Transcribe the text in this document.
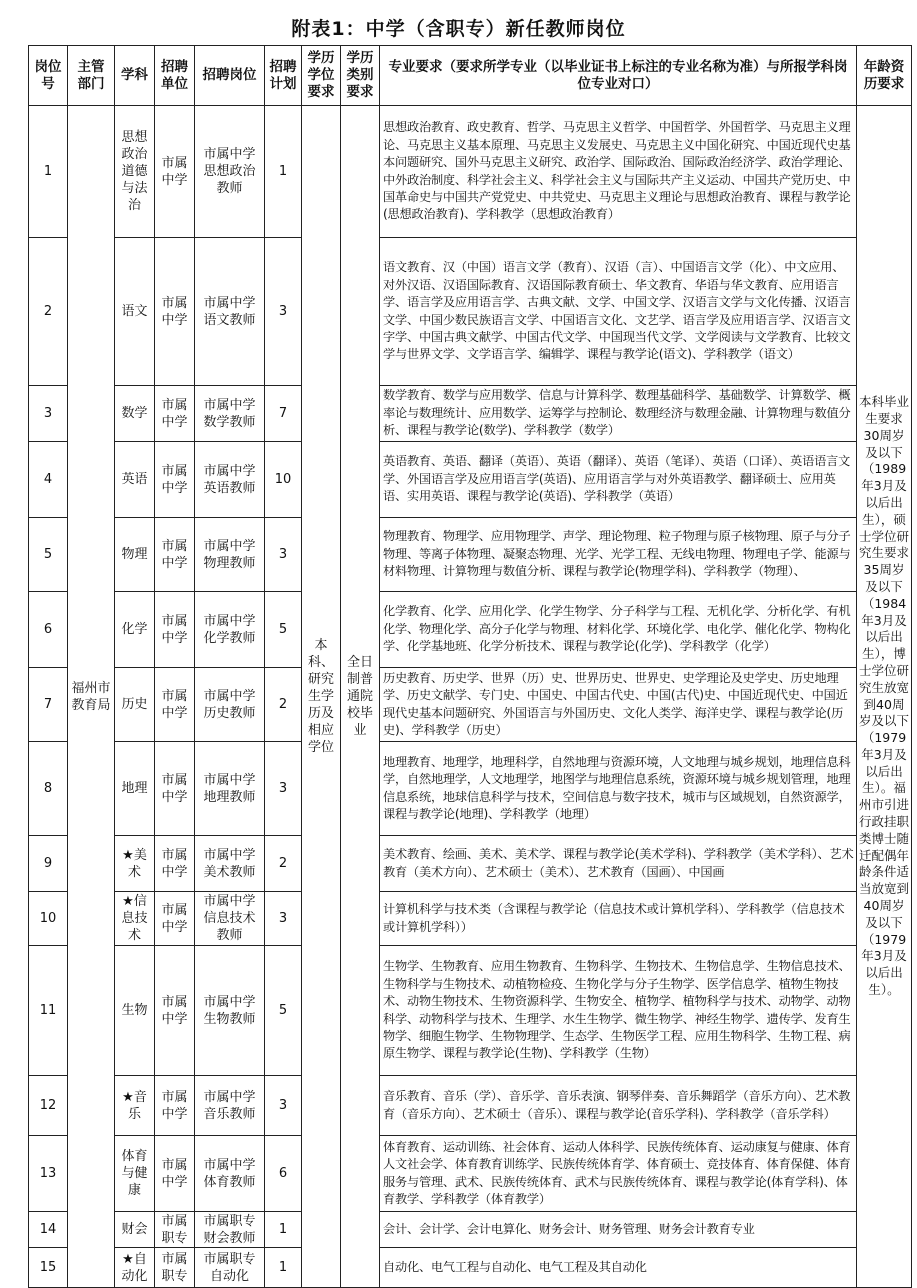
附表1：中学（含职专）新任教师岗位
岗位号	主管部门	学科	招聘单位	招聘岗位	招聘计划	学历学位要求	学历类别要求	专业要求（要求所学专业（以毕业证书上标注的专业名称为准）与所报学科岗位专业对口）	年龄资历要求
1	福州市教育局	思想政治道德与法治	市属中学	市属中学思想政治教师	1	本科、研究生学历及相应学位	全日制普通院校毕业	思想政治教育、政史教育、哲学、马克思主义哲学、中国哲学、外国哲学、马克思主义理论、马克思主义基本原理、马克思主义发展史、马克思主义中国化研究、中国近现代史基本问题研究、国外马克思主义研究、政治学、国际政治、国际政治经济学、政治学理论、中外政治制度、科学社会主义、科学社会主义与国际共产主义运动、中国共产党历史、中国革命史与中国共产党党史、中共党史、马克思主义理论与思想政治教育、课程与教学论(思想政治教育)、学科教学（思想政治教育）	本科毕业生要求30周岁及以下（1989年3月及以后出生），硕士学位研究生要求35周岁及以下（1984年3月及以后出生），博士学位研究生放宽到40周岁及以下（1979年3月及以后出生）。福州市引进行政挂职类博士随迁配偶年龄条件适当放宽到40周岁及以下（1979年3月及以后出生）。
2		语文	市属中学	市属中学语文教师	3			语文教育、汉（中国）语言文学（教育）、汉语（言）、中国语言文学（化）、中文应用、对外汉语、汉语国际教育、汉语国际教育硕士、华文教育、华语与华文教育、应用语言学、语言学及应用语言学、古典文献、文学、中国文学、汉语言文学与文化传播、汉语言文学、中国少数民族语言文学、中国语言文化、文艺学、语言学及应用语言学、汉语言文字学、中国古典文献学、中国古代文学、中国现当代文学、文学阅读与文学教育、比较文学与世界文学、文学语言学、编辑学、课程与教学论(语文)、学科教学（语文）	
3		数学	市属中学	市属中学数学教师	7			数学教育、数学与应用数学、信息与计算科学、数理基础科学、基础数学、计算数学、概率论与数理统计、应用数学、运筹学与控制论、数理经济与数理金融、计算物理与数值分析、课程与教学论(数学)、学科教学（数学）	
4		英语	市属中学	市属中学英语教师	10			英语教育、英语、翻译（英语）、英语（翻译）、英语（笔译）、英语（口译）、英语语言文学、外国语言学及应用语言学(英语)、应用语言学与对外英语教学、翻译硕士、应用英语、实用英语、课程与教学论(英语)、学科教学（英语）	
5		物理	市属中学	市属中学物理教师	3			物理教育、物理学、应用物理学、声学、理论物理、粒子物理与原子核物理、原子与分子物理、等离子体物理、凝聚态物理、光学、光学工程、无线电物理、物理电子学、能源与材料物理、计算物理与数值分析、课程与教学论(物理学科)、学科教学（物理）、	
6		化学	市属中学	市属中学化学教师	5			化学教育、化学、应用化学、化学生物学、分子科学与工程、无机化学、分析化学、有机化学、物理化学、高分子化学与物理、材料化学、环境化学、电化学、催化化学、物构化学、化学基地班、化学分析技术、课程与教学论(化学)、学科教学（化学）	
7		历史	市属中学	市属中学历史教师	2			历史教育、历史学、世界（历）史、世界历史、世界史、史学理论及史学史、历史地理学、历史文献学、专门史、中国史、中国古代史、中国(古代)史、中国近现代史、中国近现代史基本问题研究、外国语言与外国历史、文化人类学、海洋史学、课程与教学论(历史)、学科教学（历史）	
8		地理	市属中学	市属中学地理教师	3			地理教育、地理学，地理科学，自然地理与资源环境，人文地理与城乡规划，地理信息科学，自然地理学，人文地理学，地图学与地理信息系统，资源环境与城乡规划管理，地理信息系统，地球信息科学与技术，空间信息与数字技术，城市与区域规划，自然资源学，课程与教学论(地理)、学科教学（地理）	
9		★美术	市属中学	市属中学美术教师	2			美术教育、绘画、美术、美术学、课程与教学论(美术学科)、学科教学（美术学科）、艺术教育（美术方向）、艺术硕士（美术）、艺术教育（国画）、中国画	
10		★信息技术	市属中学	市属中学信息技术教师	3			计算机科学与技术类（含课程与教学论（信息技术或计算机学科）、学科教学（信息技术或计算机学科））	
11		生物	市属中学	市属中学生物教师	5			生物学、生物教育、应用生物教育、生物科学、生物技术、生物信息学、生物信息技术、生物科学与生物技术、动植物检疫、生物化学与分子生物学、医学信息学、植物生物技术、动物生物技术、生物资源科学、生物安全、植物学、植物科学与技术、动物学、动物科学、动物科学与技术、生理学、水生生物学、微生物学、神经生物学、遗传学、发育生物学、细胞生物学、生物物理学、生态学、生物医学工程、应用生物科学、生物工程、病原生物学、课程与教学论(生物)、学科教学（生物）	
12		★音乐	市属中学	市属中学音乐教师	3			音乐教育、音乐（学）、音乐学、音乐表演、钢琴伴奏、音乐舞蹈学（音乐方向）、艺术教育（音乐方向）、艺术硕士（音乐）、课程与教学论(音乐学科)、学科教学（音乐学科）	
13		体育与健康	市属中学	市属中学体育教师	6			体育教育、运动训练、社会体育、运动人体科学、民族传统体育、运动康复与健康、体育人文社会学、体育教育训练学、民族传统体育学、体育硕士、竞技体育、体育保健、体育服务与管理、武术、民族传统体育、武术与民族传统体育、课程与教学论(体育学科)、体育教学、学科教学（体育教学）	
14		财会	市属职专	市属职专财会教师	1			会计、会计学、会计电算化、财务会计、财务管理、财务会计教育专业	
15		★自动化	市属职专	市属职专自动化	1			自动化、电气工程与自动化、电气工程及其自动化	
